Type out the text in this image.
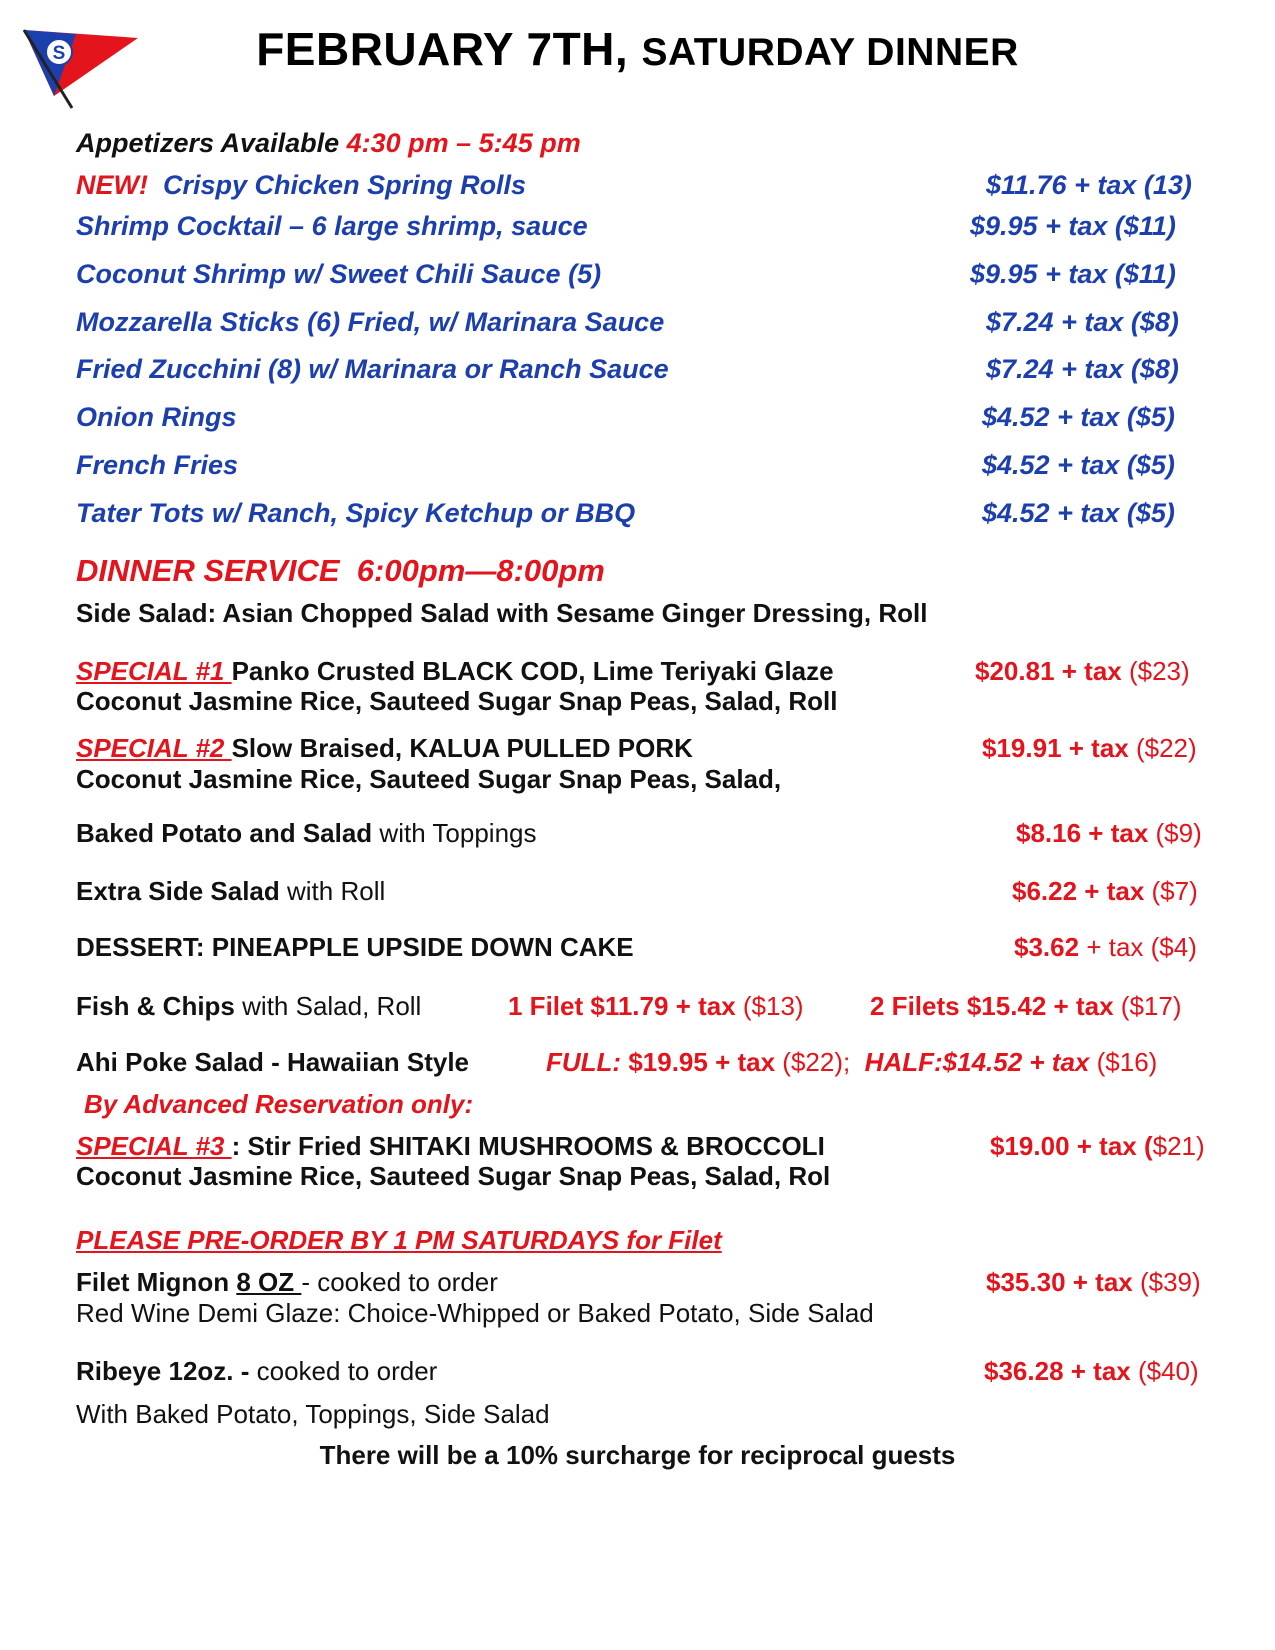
S	FEBRUARY 7TH, SATURDAY DINNER
Appetizers Available 4:30 pm – 5:45 pm
NEW! Crispy Chicken Spring Rolls	$11.76 + tax (13)
Shrimp Cocktail – 6 large shrimp, sauce	$9.95 + tax ($11)
Coconut Shrimp w/ Sweet Chili Sauce (5)	$9.95 + tax ($11)
Mozzarella Sticks (6) Fried, w/ Marinara Sauce	$7.24 + tax ($8)
Fried Zucchini (8) w/ Marinara or Ranch Sauce	$7.24 + tax ($8)
Onion Rings	$4.52 + tax ($5)
French Fries	$4.52 + tax ($5)
Tater Tots w/ Ranch, Spicy Ketchup or BBQ	$4.52 + tax ($5)
DINNER SERVICE 6:00pm—8:00pm
Side Salad: Asian Chopped Salad with Sesame Ginger Dressing, Roll
SPECIAL #1 Panko Crusted BLACK COD, Lime Teriyaki Glaze
Coconut Jasmine Rice, Sauteed Sugar Snap Peas, Salad, Roll
$20.81 + tax ($23)
SPECIAL #2 Slow Braised, KALUA PULLED PORK
Coconut Jasmine Rice, Sauteed Sugar Snap Peas, Salad,
$19.91 + tax ($22)
Baked Potato and Salad with Toppings	$8.16 + tax ($9)
Extra Side Salad with Roll	$6.22 + tax ($7)
DESSERT: PINEAPPLE UPSIDE DOWN CAKE	$3.62 + tax ($4)
Fish & Chips with Salad, Roll	1 Filet $11.79 + tax ($13)	2 Filets $15.42 + tax ($17)
Ahi Poke Salad - Hawaiian Style	FULL: $19.95 + tax ($22); HALF:$14.52 + tax ($16)
By Advanced Reservation only:
SPECIAL #3 : Stir Fried SHITAKI MUSHROOMS & BROCCOLI
Coconut Jasmine Rice, Sauteed Sugar Snap Peas, Salad, Rol
$19.00 + tax ($21)
PLEASE PRE-ORDER BY 1 PM SATURDAYS for Filet
Filet Mignon 8 OZ - cooked to order
Red Wine Demi Glaze: Choice-Whipped or Baked Potato, Side Salad
$35.30 + tax ($39)
Ribeye 12oz. - cooked to order
With Baked Potato, Toppings, Side Salad
$36.28 + tax ($40)
There will be a 10% surcharge for reciprocal guests
